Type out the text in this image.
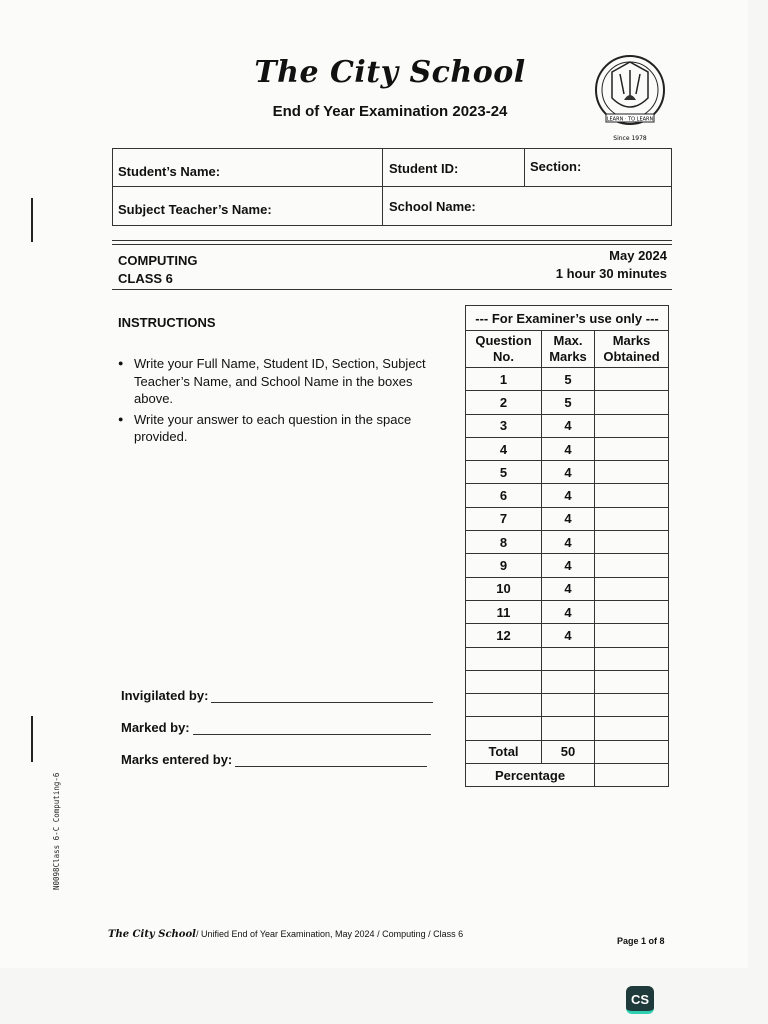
The City School
End of Year Examination 2023-24	LEARN · TO LEARN
Since 1978
Student’s Name:	Student ID:	Section:
Subject Teacher’s Name:	School Name:
COMPUTING
CLASS 6
May 2024
1 hour 30 minutes
INSTRUCTIONS
● Write your Full Name, Student ID, Section, Subject Teacher’s Name, and School Name in the boxes above.
● Write your answer to each question in the space provided.
--- For Examiner’s use only ---		
Question No.	Max. Marks	Marks Obtained
1	5	
2	5	
3	4	
4	4	
5	4	
6	4	
7	4	
8	4	
9	4	
10	4	
11	4	
12	4	

Total	50	
Percentage		
Invigilated by:
Marked by:
Marks entered by:
N0098Class 6-C Computing-6
The City School/ Unified End of Year Examination, May 2024 / Computing / Class 6
Page 1 of 8
CS
